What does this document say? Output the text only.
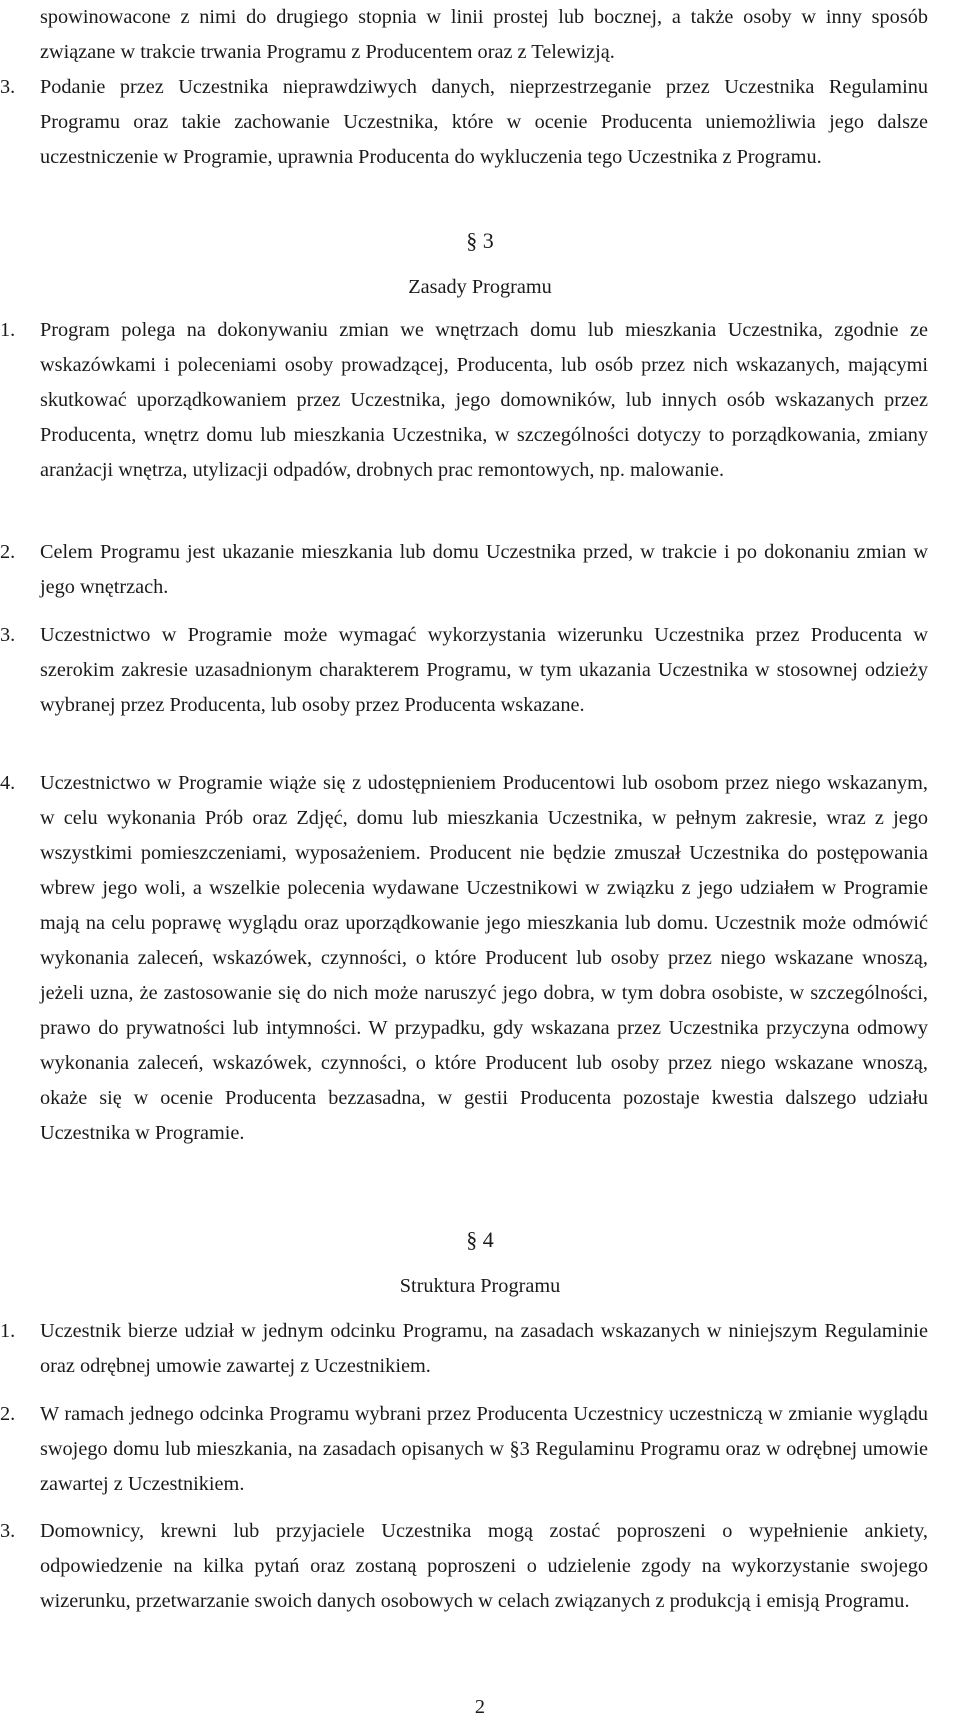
spowinowacone z nimi do drugiego stopnia w linii prostej lub bocznej, a także osoby w inny sposób związane w trakcie trwania Programu z Producentem oraz z Telewizją.

3.	Podanie przez Uczestnika nieprawdziwych danych, nieprzestrzeganie przez Uczestnika Regulaminu Programu oraz takie zachowanie Uczestnika, które w ocenie Producenta uniemożliwia jego dalsze uczestniczenie w Programie, uprawnia Producenta do wykluczenia tego Uczestnika z Programu.

§ 3

Zasady Programu

1.	Program polega na dokonywaniu zmian we wnętrzach domu lub mieszkania Uczestnika, zgodnie ze wskazówkami i poleceniami osoby prowadzącej, Producenta, lub osób przez nich wskazanych, mającymi skutkować uporządkowaniem przez Uczestnika, jego domowników, lub innych osób wskazanych przez Producenta, wnętrz domu lub mieszkania Uczestnika, w szczególności dotyczy to porządkowania, zmiany aranżacji wnętrza, utylizacji odpadów, drobnych prac remontowych, np. malowanie.
2.	Celem Programu jest ukazanie mieszkania lub domu Uczestnika przed, w trakcie i po dokonaniu zmian w jego wnętrzach.
3.	Uczestnictwo w Programie może wymagać wykorzystania wizerunku Uczestnika przez Producenta w szerokim zakresie uzasadnionym charakterem Programu, w tym ukazania Uczestnika w stosownej odzieży wybranej przez Producenta, lub osoby przez Producenta wskazane.
4.	Uczestnictwo w Programie wiąże się z udostępnieniem Producentowi lub osobom przez niego wskazanym, w celu wykonania Prób oraz Zdjęć, domu lub mieszkania Uczestnika, w pełnym zakresie, wraz z jego wszystkimi pomieszczeniami, wyposażeniem. Producent nie będzie zmuszał Uczestnika do postępowania wbrew jego woli, a wszelkie polecenia wydawane Uczestnikowi w związku z jego udziałem w Programie mają na celu poprawę wyglądu oraz uporządkowanie jego mieszkania lub domu. Uczestnik może odmówić wykonania zaleceń, wskazówek, czynności, o które Producent lub osoby przez niego wskazane wnoszą, jeżeli uzna, że zastosowanie się do nich może naruszyć jego dobra, w tym dobra osobiste, w szczególności, prawo do prywatności lub intymności. W przypadku, gdy wskazana przez Uczestnika przyczyna odmowy wykonania zaleceń, wskazówek, czynności, o które Producent lub osoby przez niego wskazane wnoszą, okaże się w ocenie Producenta bezzasadna, w gestii Producenta pozostaje kwestia dalszego udziału Uczestnika w Programie.

§ 4

Struktura Programu

1.	Uczestnik bierze udział w jednym odcinku Programu, na zasadach wskazanych w niniejszym Regulaminie oraz odrębnej umowie zawartej z Uczestnikiem.
2.	W ramach jednego odcinka Programu wybrani przez Producenta Uczestnicy uczestniczą w zmianie wyglądu swojego domu lub mieszkania, na zasadach opisanych w §3 Regulaminu Programu oraz w odrębnej umowie zawartej z Uczestnikiem.
3.	Domownicy, krewni lub przyjaciele Uczestnika mogą zostać poproszeni o wypełnienie ankiety, odpowiedzenie na kilka pytań oraz zostaną poproszeni o udzielenie zgody na wykorzystanie swojego wizerunku, przetwarzanie swoich danych osobowych w celach związanych z produkcją i emisją Programu.
2
